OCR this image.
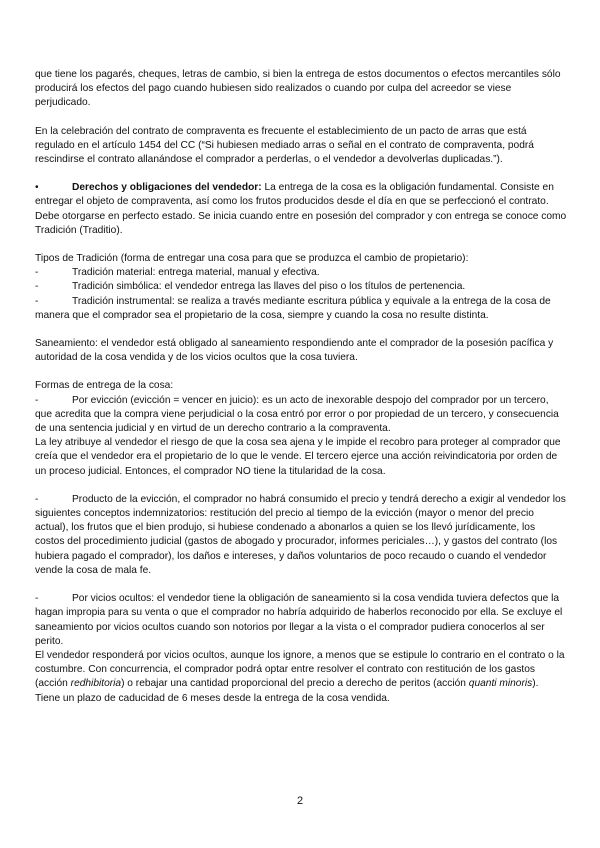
que tiene los pagarés, cheques, letras de cambio, si bien la entrega de estos documentos o efectos mercantiles sólo producirá los efectos del pago cuando hubiesen sido realizados o cuando por culpa del acreedor se viese perjudicado.

En la celebración del contrato de compraventa es frecuente el establecimiento de un pacto de arras que está regulado en el artículo 1454 del CC (“Si hubiesen mediado arras o señal en el contrato de compraventa, podrá rescindirse el contrato allanándose el comprador a perderlas, o el vendedor a devolverlas duplicadas.”).

•	Derechos y obligaciones del vendedor: La entrega de la cosa es la obligación fundamental. Consiste en entregar el objeto de compraventa, así como los frutos producidos desde el día en que se perfeccionó el contrato. Debe otorgarse en perfecto estado. Se inicia cuando entre en posesión del comprador y con entrega se conoce como Tradición (Traditio).

Tipos de Tradición (forma de entregar una cosa para que se produzca el cambio de propietario):

-	Tradición material: entrega material, manual y efectiva.

-	Tradición simbólica: el vendedor entrega las llaves del piso o los títulos de pertenencia.

-	Tradición instrumental: se realiza a través mediante escritura pública y equivale a la entrega de la cosa de manera que el comprador sea el propietario de la cosa, siempre y cuando la cosa no resulte distinta.

Saneamiento: el vendedor está obligado al saneamiento respondiendo ante el comprador de la posesión pacífica y autoridad de la cosa vendida y de los vicios ocultos que la cosa tuviera.

Formas de entrega de la cosa:

-	Por evicción (evicción = vencer en juicio): es un acto de inexorable despojo del comprador por un tercero, que acredita que la compra viene perjudicial o la cosa entró por error o por propiedad de un tercero, y consecuencia de una sentencia judicial y en virtud de un derecho contrario a la compraventa.

La ley atribuye al vendedor el riesgo de que la cosa sea ajena y le impide el recobro para proteger al comprador que creía que el vendedor era el propietario de lo que le vende. El tercero ejerce una acción reivindicatoria por orden de un proceso judicial. Entonces, el comprador NO tiene la titularidad de la cosa.

-	Producto de la evicción, el comprador no habrá consumido el precio y tendrá derecho a exigir al vendedor los siguientes conceptos indemnizatorios: restitución del precio al tiempo de la evicción (mayor o menor del precio actual), los frutos que el bien produjo, si hubiese condenado a abonarlos a quien se los llevó jurídicamente, los costos del procedimiento judicial (gastos de abogado y procurador, informes periciales…), y gastos del contrato (los hubiera pagado el comprador), los daños e intereses, y daños voluntarios de poco recaudo o cuando el vendedor vende la cosa de mala fe.

-	Por vicios ocultos: el vendedor tiene la obligación de saneamiento si la cosa vendida tuviera defectos que la hagan impropia para su venta o que el comprador no habría adquirido de haberlos reconocido por ella. Se excluye el saneamiento por vicios ocultos cuando son notorios por llegar a la vista o el comprador pudiera conocerlos al ser perito.

El vendedor responderá por vicios ocultos, aunque los ignore, a menos que se estipule lo contrario en el contrato o la costumbre. Con concurrencia, el comprador podrá optar entre resolver el contrato con restitución de los gastos (acción redhibitoria) o rebajar una cantidad proporcional del precio a derecho de peritos (acción quanti minoris).

Tiene un plazo de caducidad de 6 meses desde la entrega de la cosa vendida.

2
